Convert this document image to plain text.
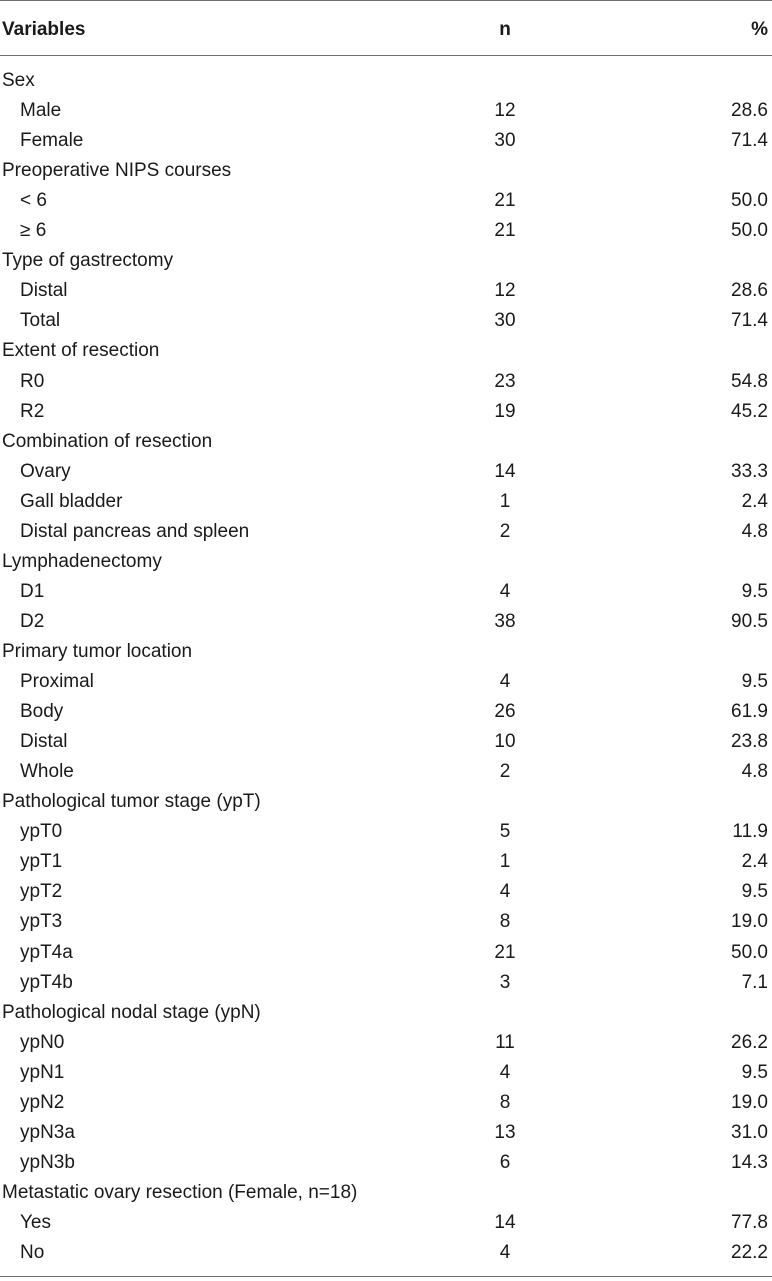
Variables	n	%
Sex
Male	12	28.6
Female	30	71.4
Preoperative NIPS courses
< 6	21	50.0
≥ 6	21	50.0
Type of gastrectomy
Distal	12	28.6
Total	30	71.4
Extent of resection
R0	23	54.8
R2	19	45.2
Combination of resection
Ovary	14	33.3
Gall bladder	1	2.4
Distal pancreas and spleen	2	4.8
Lymphadenectomy
D1	4	9.5
D2	38	90.5
Primary tumor location
Proximal	4	9.5
Body	26	61.9
Distal	10	23.8
Whole	2	4.8
Pathological tumor stage (ypT)
ypT0	5	11.9
ypT1	1	2.4
ypT2	4	9.5
ypT3	8	19.0
ypT4a	21	50.0
ypT4b	3	7.1
Pathological nodal stage (ypN)
ypN0	11	26.2
ypN1	4	9.5
ypN2	8	19.0
ypN3a	13	31.0
ypN3b	6	14.3
Metastatic ovary resection (Female, n=18)
Yes	14	77.8
No	4	22.2
